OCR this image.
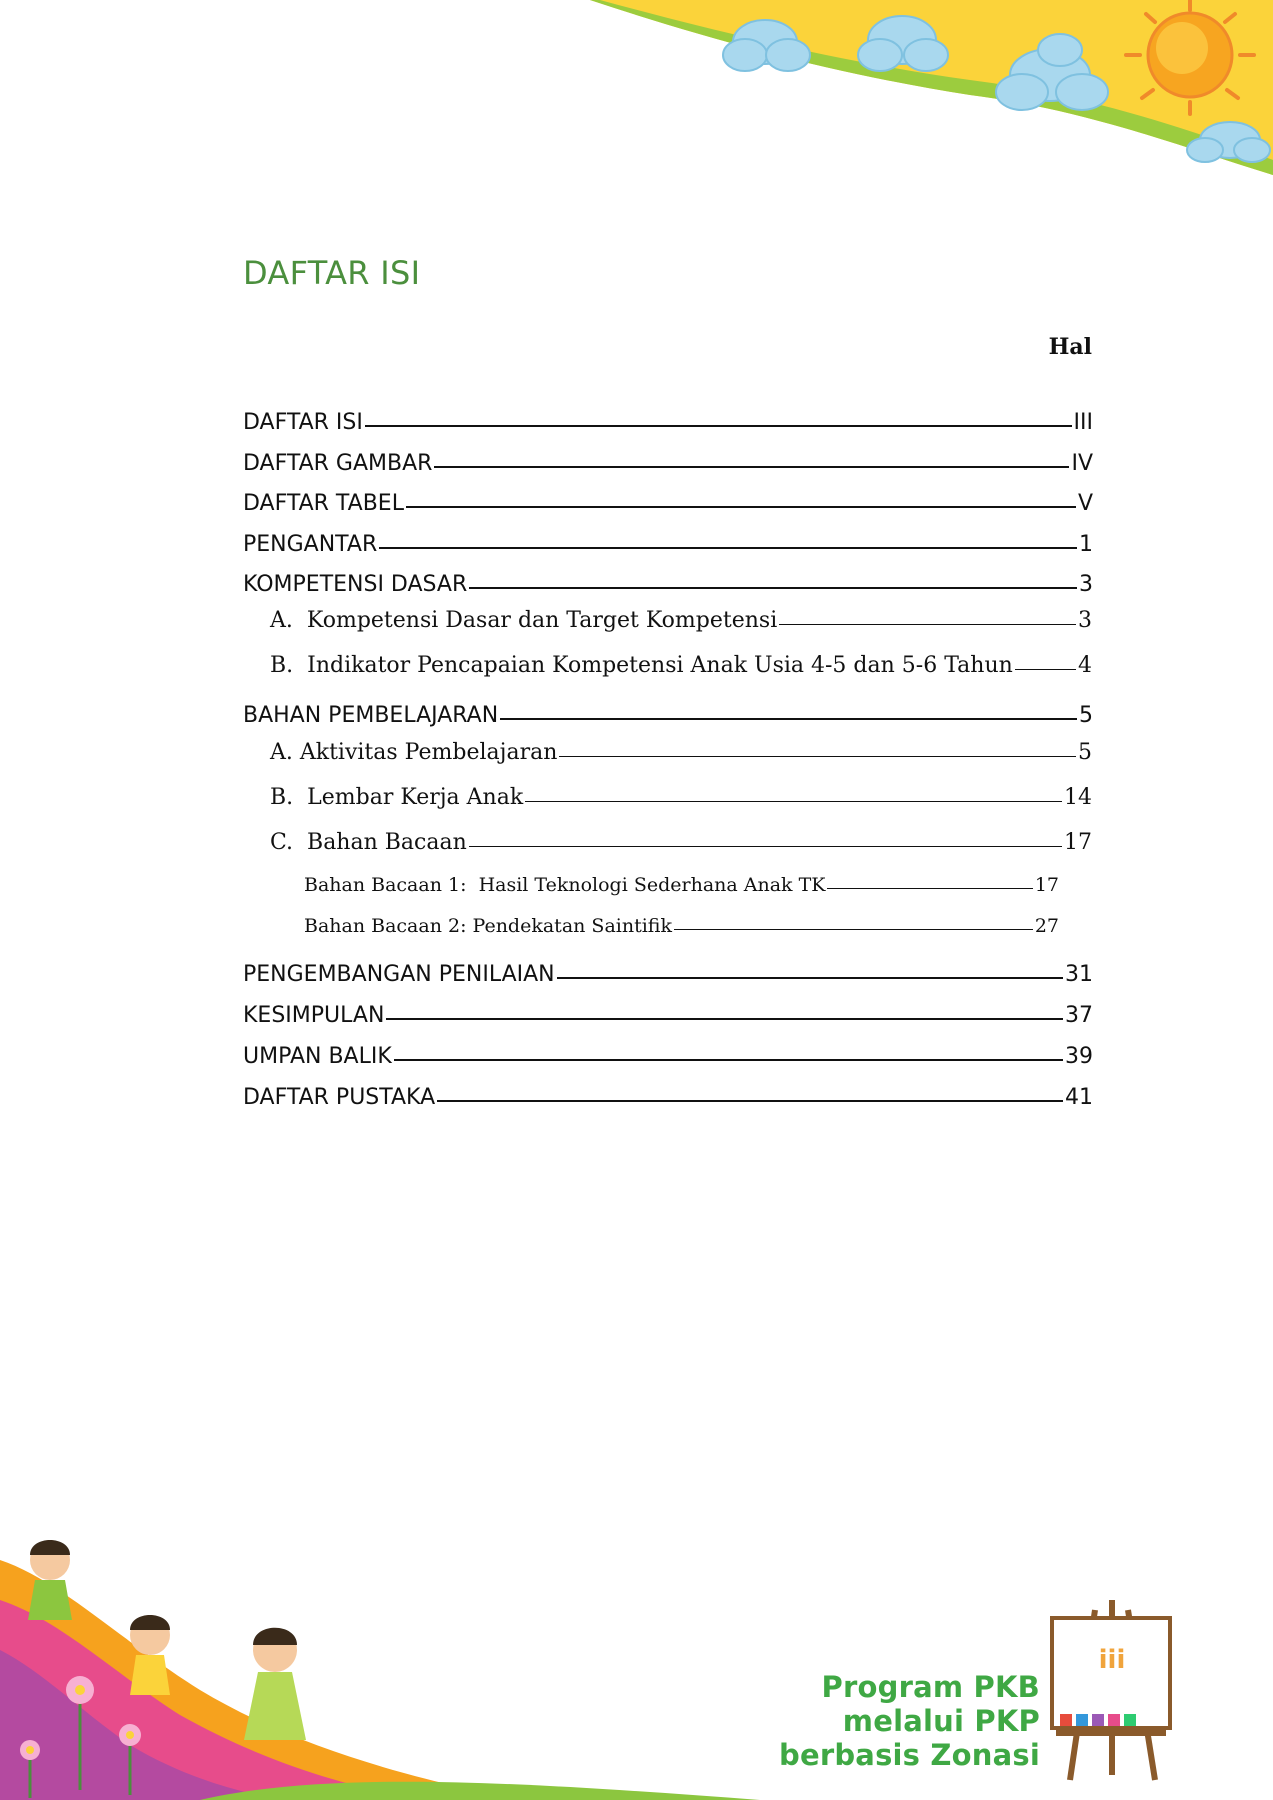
DAFTAR ISI
Hal
DAFTAR ISI	III
DAFTAR GAMBAR	IV
DAFTAR TABEL	V
PENGANTAR	1
KOMPETENSI DASAR	3
A.  Kompetensi Dasar dan Target Kompetensi	3
B.  Indikator Pencapaian Kompetensi Anak Usia 4-5 dan 5-6 Tahun	4
BAHAN PEMBELAJARAN	5
A. Aktivitas Pembelajaran	5
B.  Lembar Kerja Anak	14
C.  Bahan Bacaan	17
Bahan Bacaan 1:  Hasil Teknologi Sederhana Anak TK	17
Bahan Bacaan 2: Pendekatan Saintifik	27
PENGEMBANGAN PENILAIAN	31
KESIMPULAN	37
UMPAN BALIK	39
DAFTAR PUSTAKA	41
iii
Program PKB
melalui PKP
berbasis Zonasi
